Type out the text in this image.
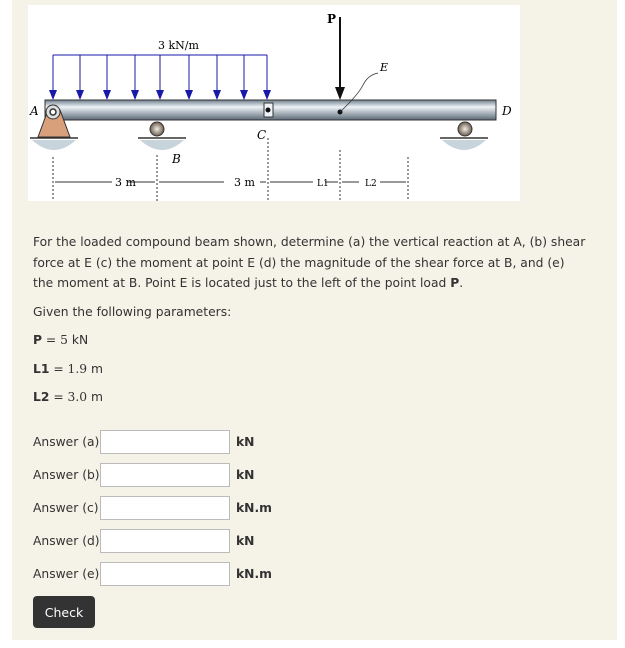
3 kN/m
P
E
A
B
C
D
3 m	3 m	L1	L2

For the loaded compound beam shown, determine (a) the vertical reaction at A, (b) shear force at E (c) the moment at point E (d) the magnitude of the shear force at B, and (e) the moment at B. Point E is located just to the left of the point load P.

Given the following parameters:

P = 5 kN
L1 = 1.9 m
L2 = 3.0 m
Answer (a)	kN
Answer (b)	kN
Answer (c)	kN.m
Answer (d)	kN
Answer (e)	kN.m
Check
